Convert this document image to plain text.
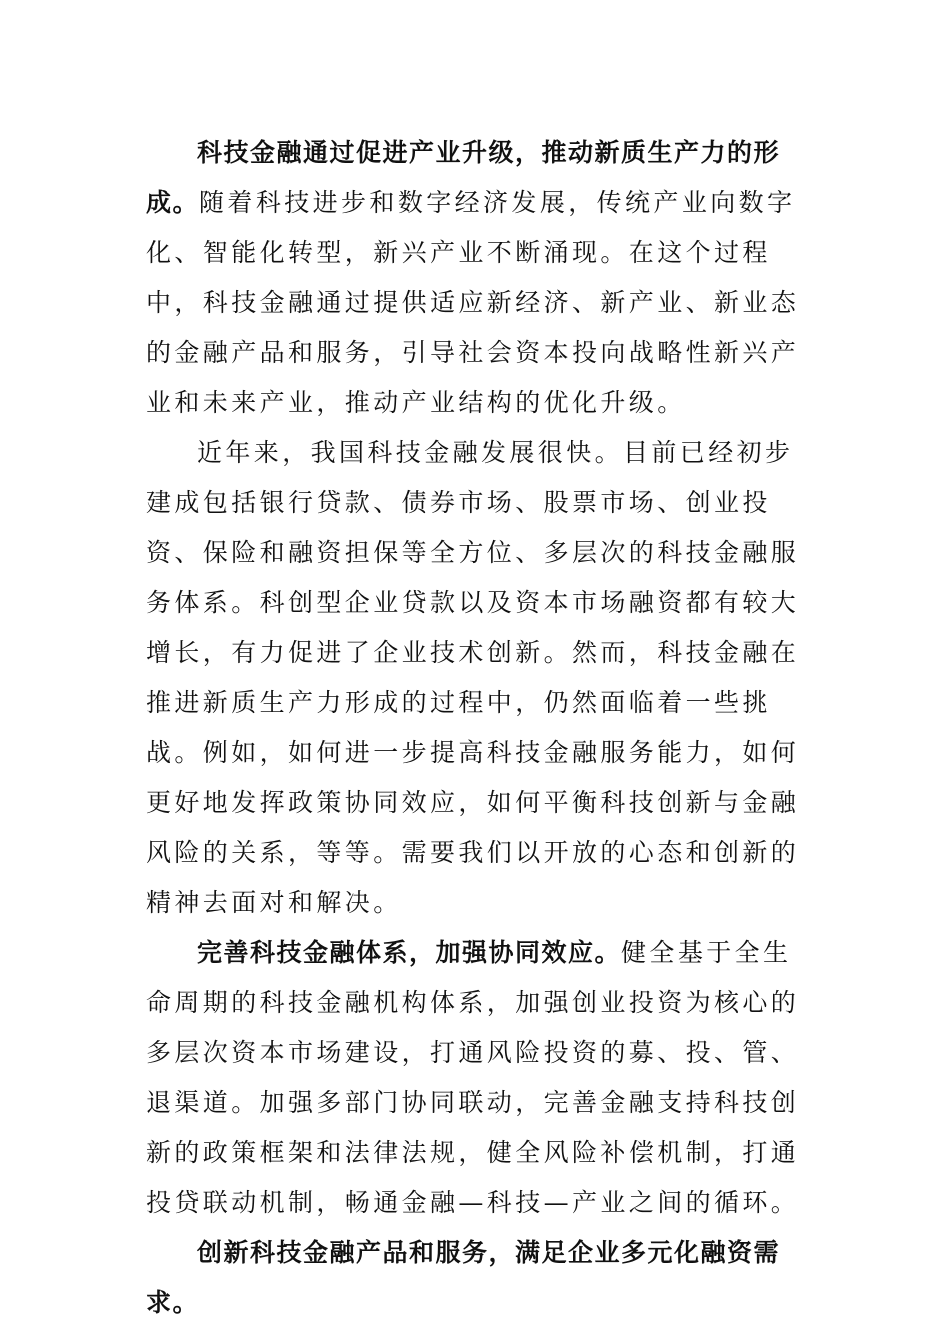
科技金融通过促进产业升级，推动新质生产力的形成。随着科技进步和数字经济发展，传统产业向数字化、智能化转型，新兴产业不断涌现。在这个过程中，科技金融通过提供适应新经济、新产业、新业态的金融产品和服务，引导社会资本投向战略性新兴产业和未来产业，推动产业结构的优化升级。

近年来，我国科技金融发展很快。目前已经初步建成包括银行贷款、债券市场、股票市场、创业投资、保险和融资担保等全方位、多层次的科技金融服务体系。科创型企业贷款以及资本市场融资都有较大增长，有力促进了企业技术创新。然而，科技金融在推进新质生产力形成的过程中，仍然面临着一些挑战。例如，如何进一步提高科技金融服务能力，如何更好地发挥政策协同效应，如何平衡科技创新与金融风险的关系，等等。需要我们以开放的心态和创新的精神去面对和解决。

完善科技金融体系，加强协同效应。健全基于全生命周期的科技金融机构体系，加强创业投资为核心的多层次资本市场建设，打通风险投资的募、投、管、退渠道。加强多部门协同联动，完善金融支持科技创新的政策框架和法律法规，健全风险补偿机制，打通投贷联动机制，畅通金融—科技—产业之间的循环。

创新科技金融产品和服务，满足企业多元化融资需求。
